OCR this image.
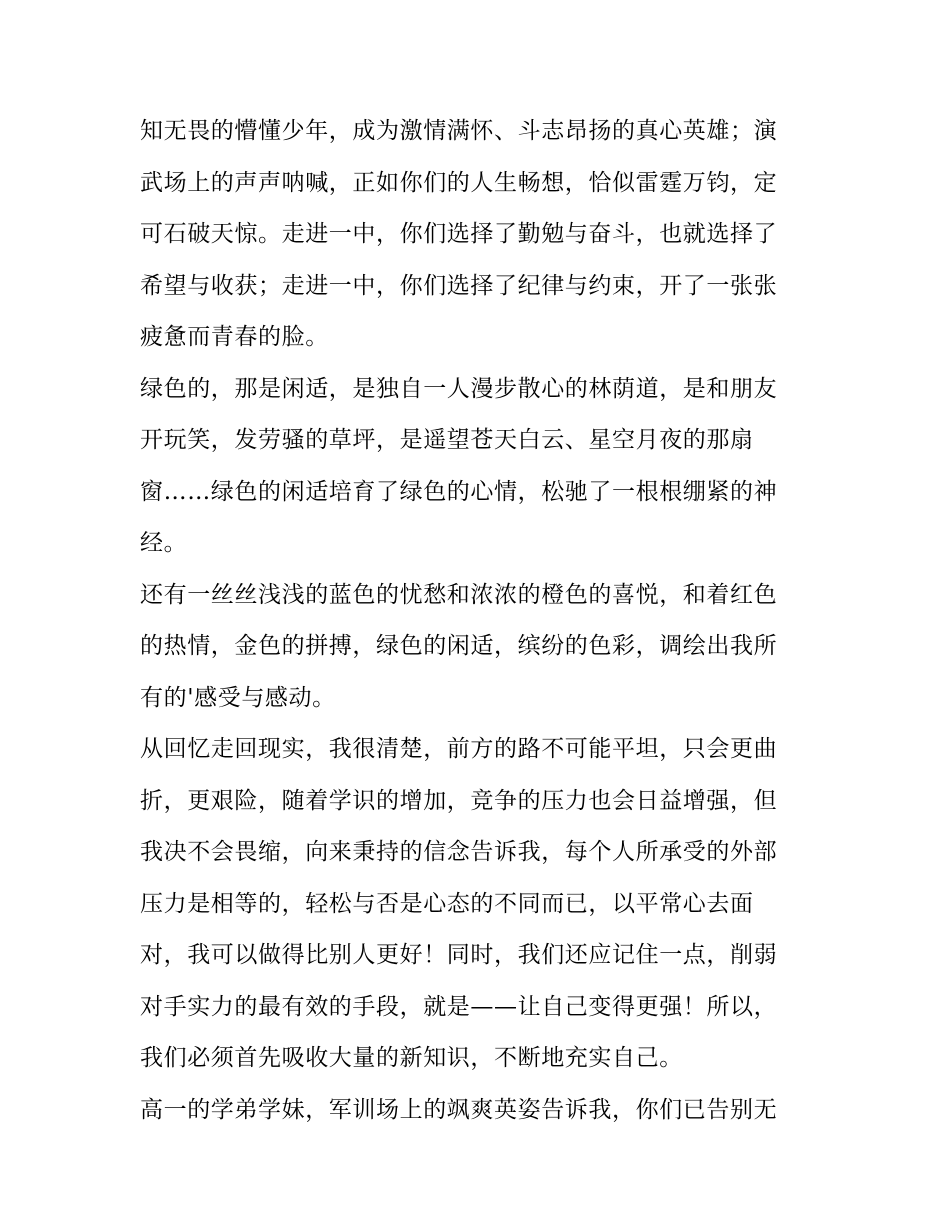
知无畏的懵懂少年，成为激情满怀、斗志昂扬的真心英雄；演
武场上的声声呐喊，正如你们的人生畅想，恰似雷霆万钧，定
可石破天惊。走进一中，你们选择了勤勉与奋斗，也就选择了
希望与收获；走进一中，你们选择了纪律与约束，开了一张张
疲惫而青春的脸。
绿色的，那是闲适，是独自一人漫步散心的林荫道，是和朋友
开玩笑，发劳骚的草坪，是遥望苍天白云、星空月夜的那扇
窗……绿色的闲适培育了绿色的心情，松驰了一根根绷紧的神
经。
还有一丝丝浅浅的蓝色的忧愁和浓浓的橙色的喜悦，和着红色
的热情，金色的拼搏，绿色的闲适，缤纷的色彩，调绘出我所
有的'感受与感动。
从回忆走回现实，我很清楚，前方的路不可能平坦，只会更曲
折，更艰险，随着学识的增加，竞争的压力也会日益增强，但
我决不会畏缩，向来秉持的信念告诉我，每个人所承受的外部
压力是相等的，轻松与否是心态的不同而已，以平常心去面
对，我可以做得比别人更好！同时，我们还应记住一点，削弱
对手实力的最有效的手段，就是——让自己变得更强！所以，
我们必须首先吸收大量的新知识，不断地充实自己。
高一的学弟学妹，军训场上的飒爽英姿告诉我，你们已告别无
